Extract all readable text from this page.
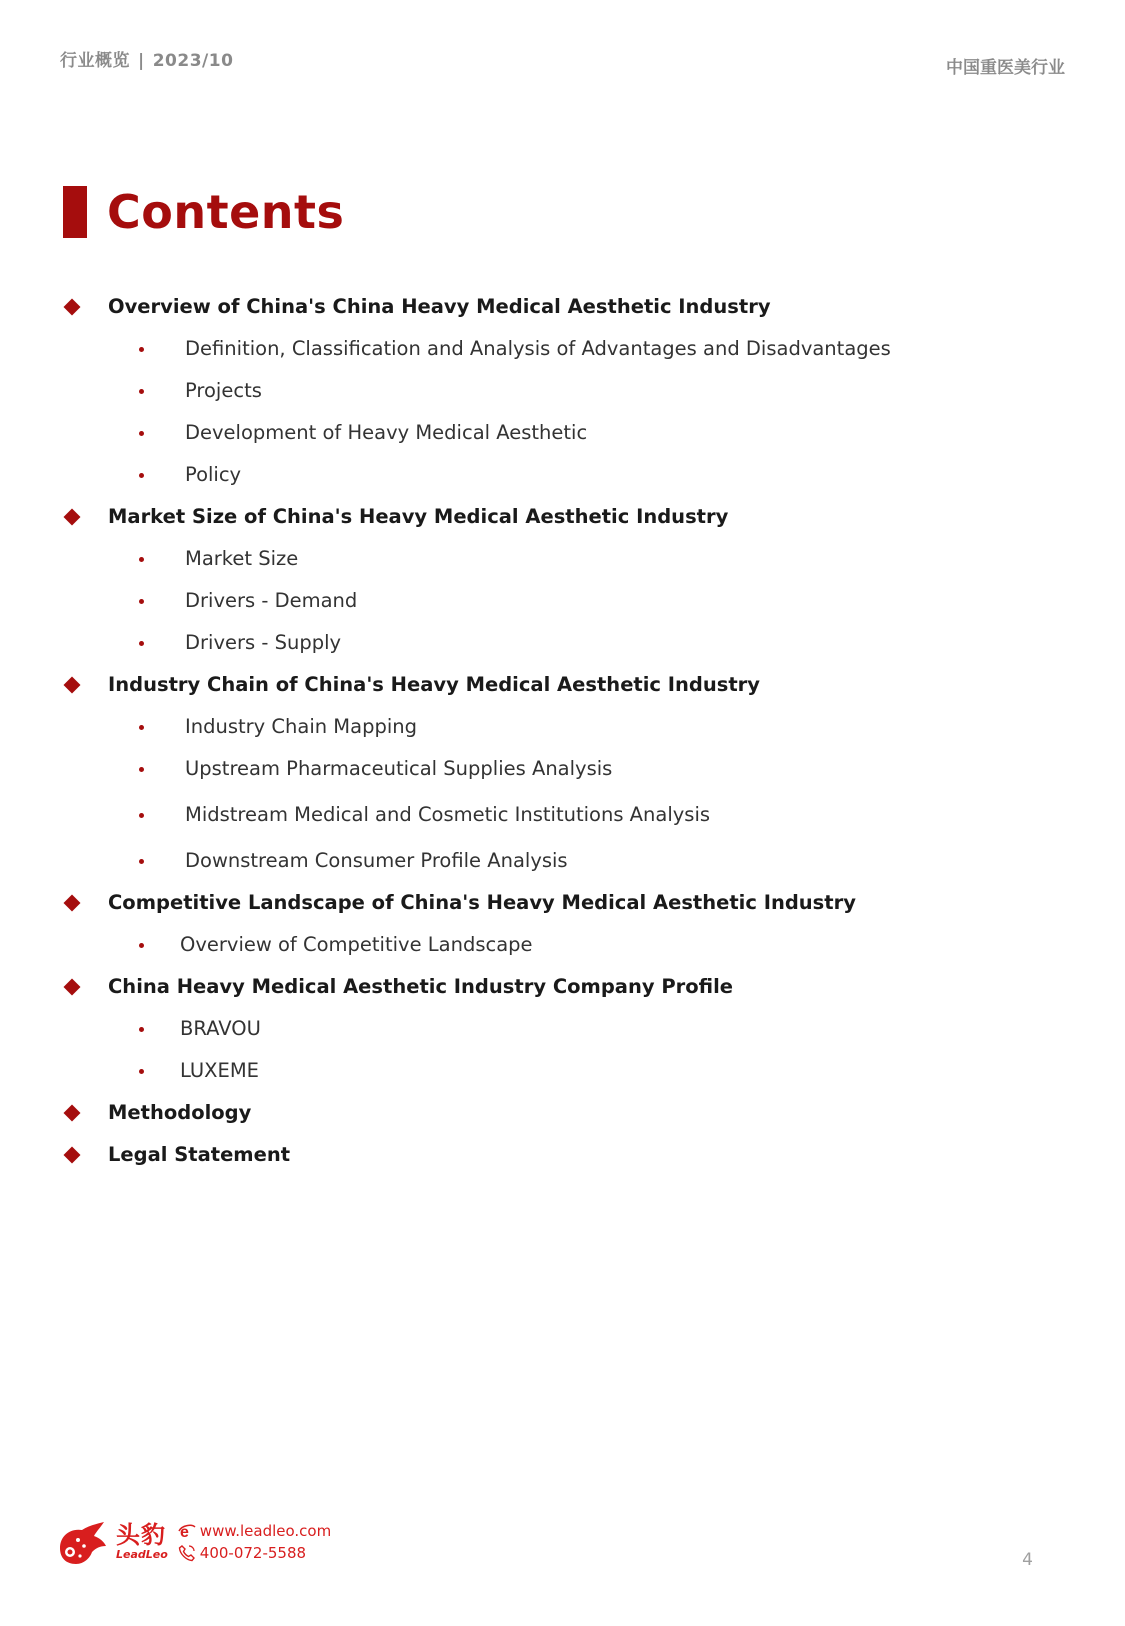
行业概览 | 2023/10	中国重医美行业
Contents
Overview of China's China Heavy Medical Aesthetic Industry
Definition, Classification and Analysis of Advantages and Disadvantages
Projects
Development of Heavy Medical Aesthetic
Policy
Market Size of China's Heavy Medical Aesthetic Industry
Market Size
Drivers - Demand
Drivers - Supply
Industry Chain of China's Heavy Medical Aesthetic Industry
Industry Chain Mapping
Upstream Pharmaceutical Supplies Analysis
Midstream Medical and Cosmetic Institutions Analysis
Downstream Consumer Profile Analysis
Competitive Landscape of China's Heavy Medical Aesthetic Industry
Overview of Competitive Landscape
China Heavy Medical Aesthetic Industry Company Profile
BRAVOU
LUXEME
Methodology
Legal Statement
头豹
LeadLeo
e www.leadleo.com
400-072-5588	4
